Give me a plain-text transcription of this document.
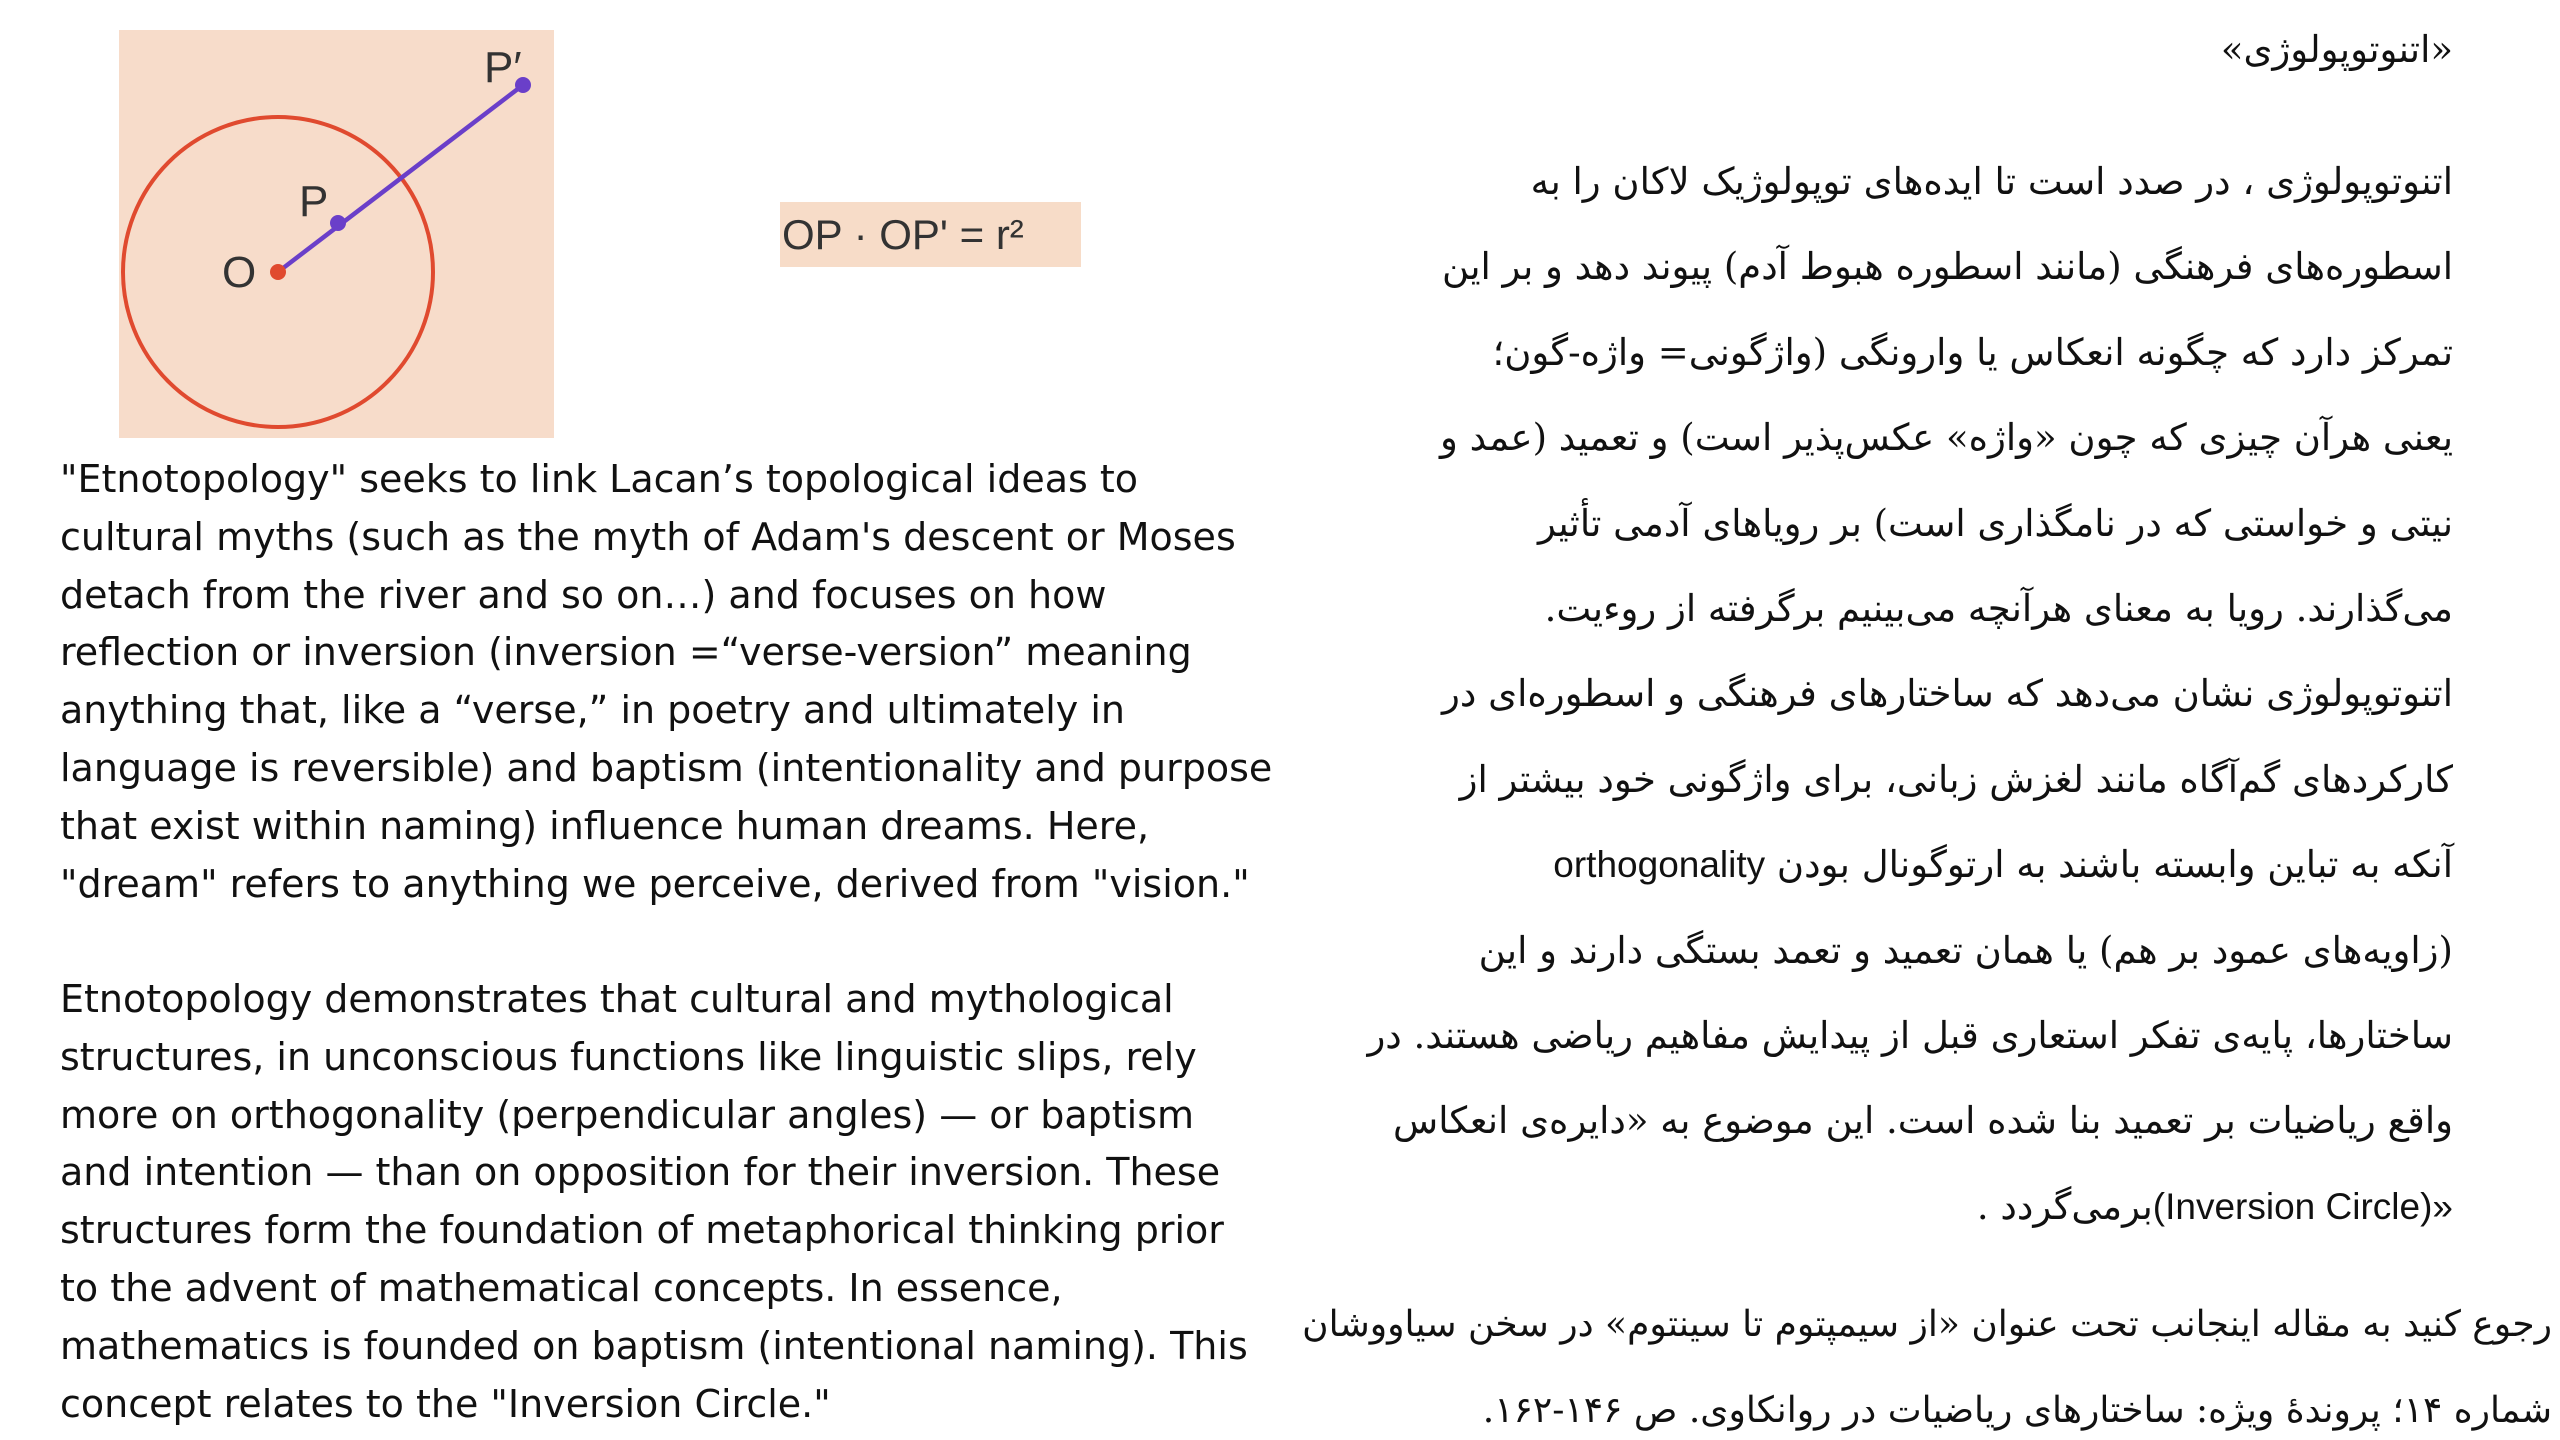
O
P
P′
OP · OP' = r²
"Etnotopology" seeks to link Lacan’s topological ideas to
cultural myths (such as the myth of Adam's descent or Moses
detach from the river and so on…) and focuses on how
reflection or inversion (inversion =“verse-version” meaning
anything that, like a “verse,” in poetry and ultimately in
language is reversible) and baptism (intentionality and purpose
that exist within naming) influence human dreams. Here,
"dream" refers to anything we perceive, derived from "vision."
Etnotopology demonstrates that cultural and mythological
structures, in unconscious functions like linguistic slips, rely
more on orthogonality (perpendicular angles) — or baptism
and intention — than on opposition for their inversion. These
structures form the foundation of metaphorical thinking prior
to the advent of mathematical concepts. In essence,
mathematics is founded on baptism (intentional naming). This
concept relates to the "Inversion Circle."
«اتنوتوپولوژی»
اتنوتوپولوژی ، در صدد است تا ایده‌های توپولوژیک لاکان را به
اسطوره‌های فرهنگی (مانند اسطوره هبوط آدم) پیوند دهد و بر این
تمرکز دارد که چگونه انعکاس یا وارونگی (واژگونی= واژه-گون؛
یعنی هرآن چیزی که چون «واژه» عکس‌پذیر است) و تعمید (عمد و
نیتی و خواستی که در نامگذاری است) بر رویاهای آدمی تأثیر
می‌گذارند. رویا به معنای هرآنچه می‌بینیم برگرفته از روءیت.
اتنوتوپولوژی نشان می‌دهد که ساختارهای فرهنگی و اسطوره‌ای در
کارکردهای گم‌آگاه مانند لغزش زبانی، برای واژگونی خود بیشتر از
آنکه به تباین وابسته باشند به ارتوگونال بودن orthogonality
(زاویه‌های عمود بر هم) یا همان تعمید و تعمد بستگی دارند و این
ساختارها، پایه‌ی تفکر استعاری قبل از پیدایش مفاهیم ریاضی هستند. در
واقع ریاضیات بر تعمید بنا شده است. این موضوع به «دایره‌ی انعکاس
(Inversion Circle)»برمی‌گردد .
رجوع کنید به مقاله اینجانب تحت عنوان «از سیمپتوم تا سینتوم» در سخن سیاووشان
شماره ۱۴؛ پروندهٔ ویژه: ساختارهای ریاضیات در روانکاوی. ص ۱۴۶-۱۶۲.
